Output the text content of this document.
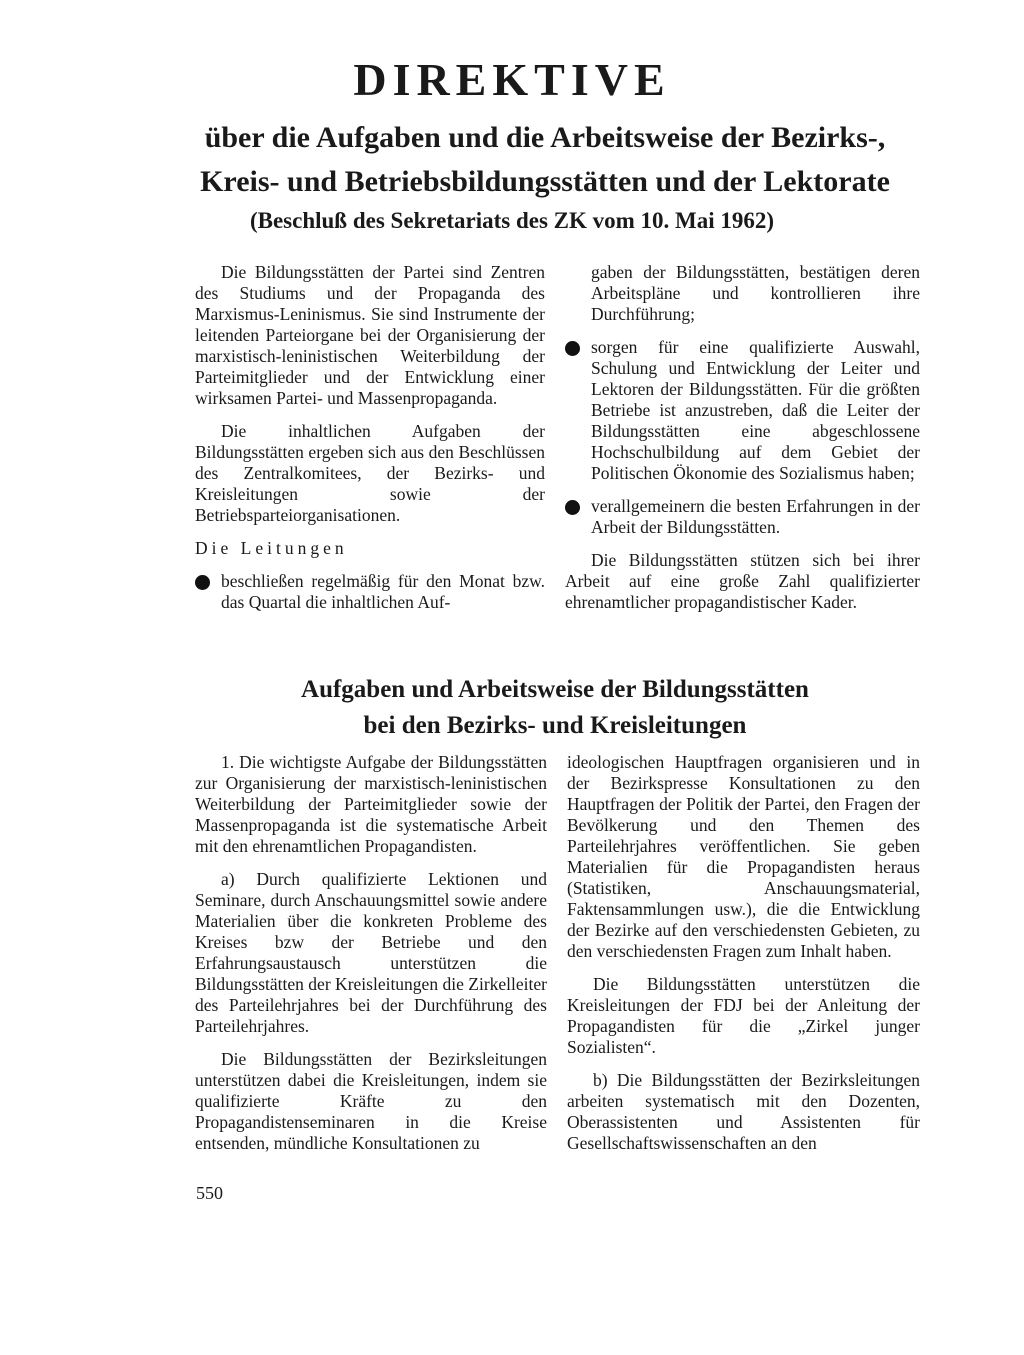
DIREKTIVE
über die Aufgaben und die Arbeitsweise der Bezirks-,
Kreis- und Betriebsbildungsstätten und der Lektorate
(Beschluß des Sekretariats des ZK vom 10. Mai 1962)

Die Bildungsstätten der Partei sind Zentren des Studiums und der Propaganda des Marxismus-Leninismus. Sie sind Instrumente der leitenden Parteiorgane bei der Organisierung der marxistisch-leninistischen Weiterbildung der Parteimitglieder und der Entwicklung einer wirksamen Partei- und Massenpropaganda.

Die inhaltlichen Aufgaben der Bildungsstätten ergeben sich aus den Beschlüssen des Zentralkomitees, der Bezirks- und Kreisleitungen sowie der Betriebsparteiorganisationen.

Die Leitungen

beschließen regelmäßig für den Monat bzw. das Quartal die inhaltlichen Auf-

gaben der Bildungsstätten, bestätigen deren Arbeitspläne und kontrollieren ihre Durchführung;

sorgen für eine qualifizierte Auswahl, Schulung und Entwicklung der Leiter und Lektoren der Bildungsstätten. Für die größten Betriebe ist anzustreben, daß die Leiter der Bildungsstätten eine abgeschlossene Hochschulbildung auf dem Gebiet der Politischen Ökonomie des Sozialismus haben;

verallgemeinern die besten Erfahrungen in der Arbeit der Bildungsstätten.

Die Bildungsstätten stützen sich bei ihrer Arbeit auf eine große Zahl qualifizierter ehrenamtlicher propagandistischer Kader.

Aufgaben und Arbeitsweise der Bildungsstätten
bei den Bezirks- und Kreisleitungen

1. Die wichtigste Aufgabe der Bildungsstätten zur Organisierung der marxistisch-leninistischen Weiterbildung der Parteimitglieder sowie der Massenpropaganda ist die systematische Arbeit mit den ehrenamtlichen Propagandisten.

a) Durch qualifizierte Lektionen und Seminare, durch Anschauungsmittel sowie andere Materialien über die konkreten Probleme des Kreises bzw der Betriebe und den Erfahrungsaustausch unterstützen die Bildungsstätten der Kreisleitungen die Zirkelleiter des Parteilehrjahres bei der Durchführung des Parteilehrjahres.

Die Bildungsstätten der Bezirksleitungen unterstützen dabei die Kreisleitungen, indem sie qualifizierte Kräfte zu den Propagandistenseminaren in die Kreise entsenden, mündliche Konsultationen zu

ideologischen Hauptfragen organisieren und in der Bezirkspresse Konsultationen zu den Hauptfragen der Politik der Partei, den Fragen der Bevölkerung und den Themen des Parteilehrjahres veröffentlichen. Sie geben Materialien für die Propagandisten heraus (Statistiken, Anschauungsmaterial, Faktensammlungen usw.), die die Entwicklung der Bezirke auf den verschiedensten Gebieten, zu den verschiedensten Fragen zum Inhalt haben.

Die Bildungsstätten unterstützen die Kreisleitungen der FDJ bei der Anleitung der Propagandisten für die „Zirkel junger Sozialisten“.

b) Die Bildungsstätten der Bezirksleitungen arbeiten systematisch mit den Dozenten, Oberassistenten und Assistenten für Gesellschaftswissenschaften an den

550
